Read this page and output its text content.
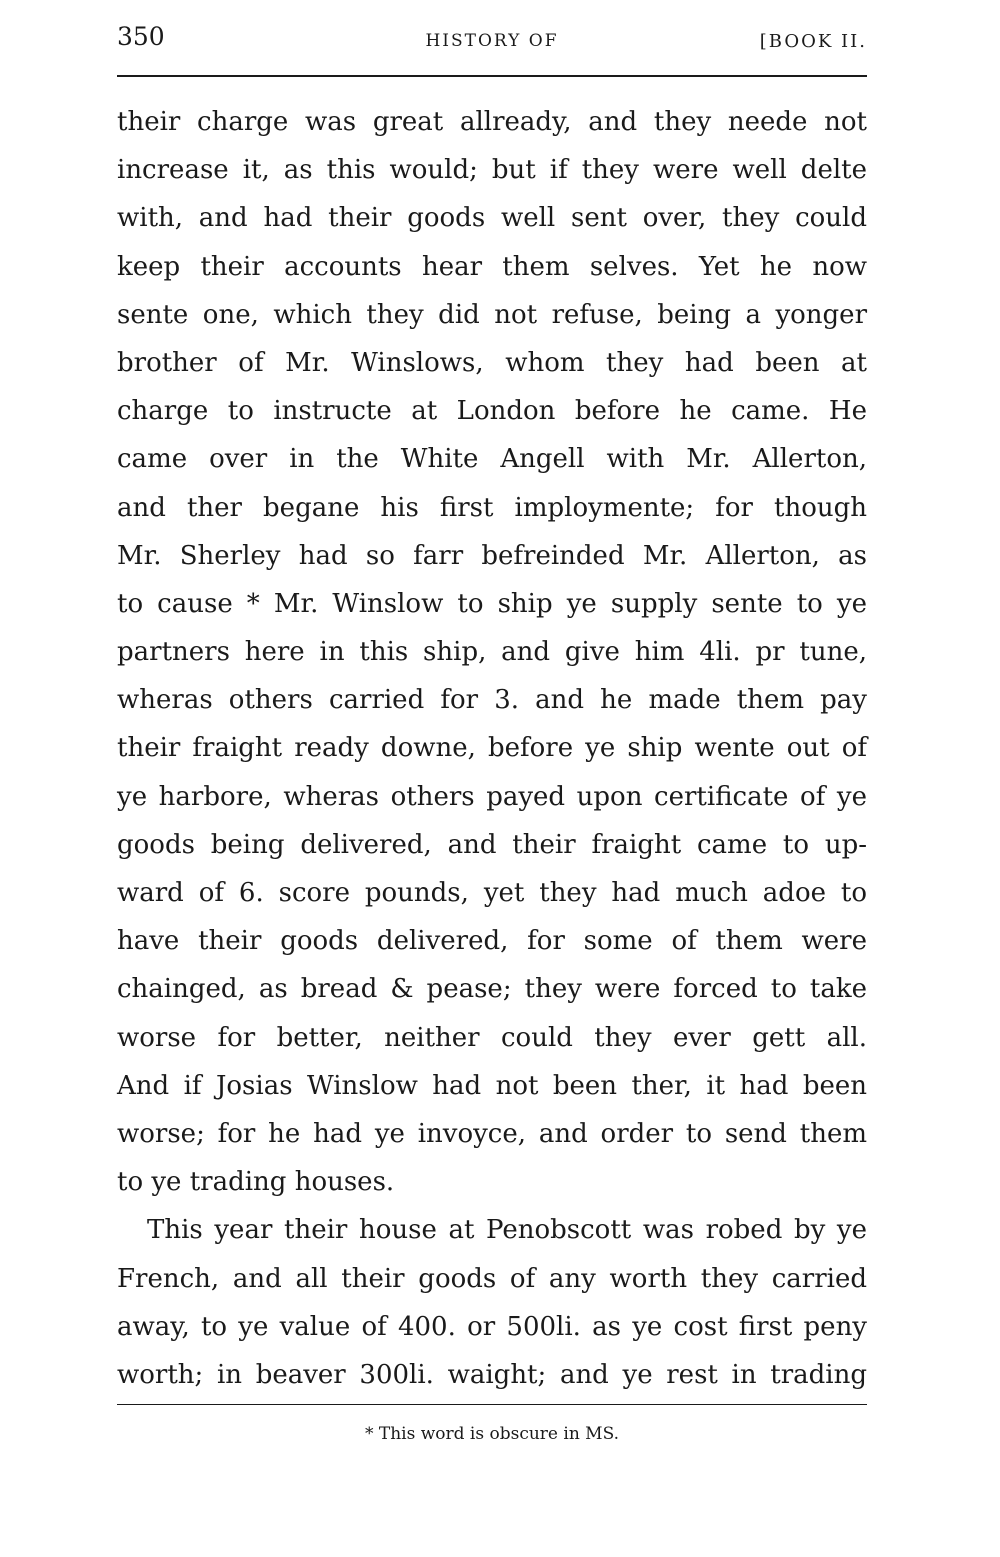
350	HISTORY OF	[BOOK II.
their charge was great allready, and they neede not
increase it, as this would; but if they were well delte
with, and had their goods well sent over, they could
keep their accounts hear them selves. Yet he now
sente one, which they did not refuse, being a yonger
brother of Mr. Winslows, whom they had been at
charge to instructe at London before he came. He
came over in the White Angell with Mr. Allerton,
and ther begane his first imploymente; for though
Mr. Sherley had so farr befreinded Mr. Allerton, as
to cause * Mr. Winslow to ship ye supply sente to ye
partners here in this ship, and give him 4li. pr tune,
wheras others carried for 3. and he made them pay
their fraight ready downe, before ye ship wente out of
ye harbore, wheras others payed upon certificate of ye
goods being delivered, and their fraight came to up-
ward of 6. score pounds, yet they had much adoe to
have their goods delivered, for some of them were
chainged, as bread & pease; they were forced to take
worse for better, neither could they ever gett all.
And if Josias Winslow had not been ther, it had been
worse; for he had ye invoyce, and order to send them
to ye trading houses.
This year their house at Penobscott was robed by ye
French, and all their goods of any worth they carried
away, to ye value of 400. or 500li. as ye cost first peny
worth; in beaver 300li. waight; and ye rest in trading
* This word is obscure in MS.
